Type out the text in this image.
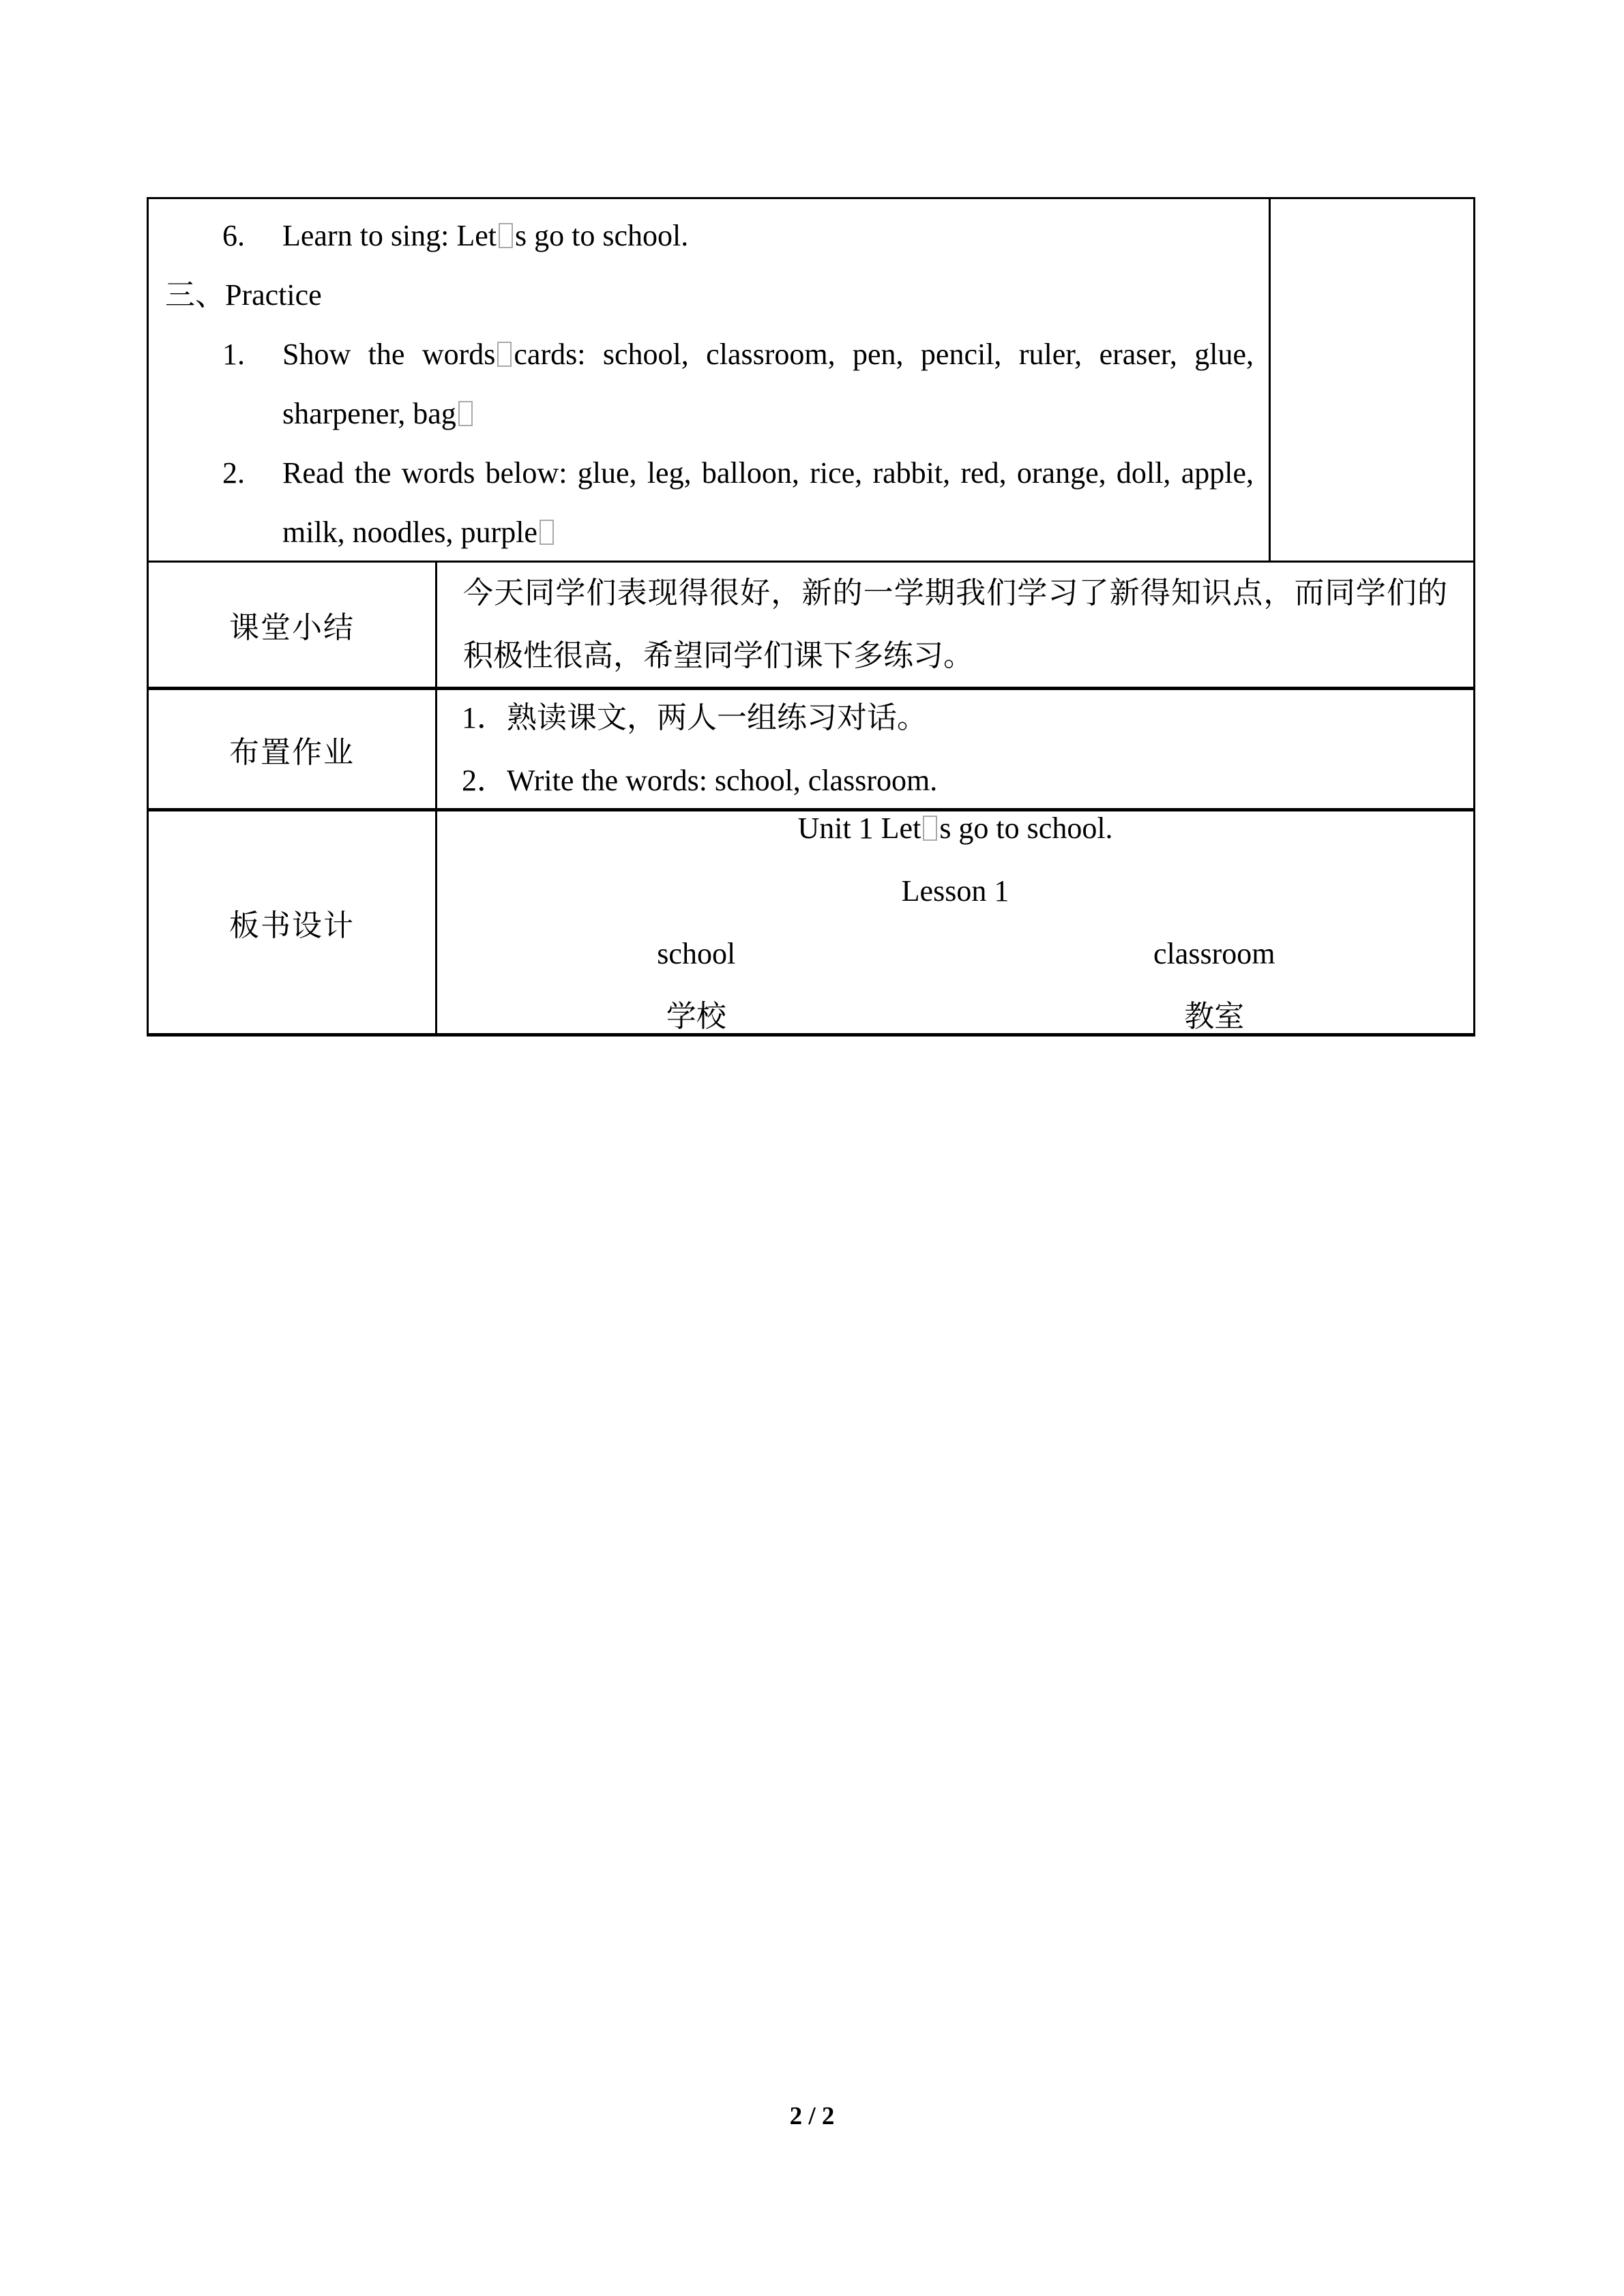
6. Learn to sing: Let s go to school.
三、Practice
1. Show the words cards: school, classroom, pen, pencil, ruler, eraser, glue, sharpener, bag
2. Read the words below: glue, leg, balloon, rice, rabbit, red, orange, doll, apple, milk, noodles, purple
课堂小结
今天同学们表现得很好，新的一学期我们学习了新得知识点，而同学们的积极性很高，希望同学们课下多练习。
布置作业
1．熟读课文，两人一组练习对话。
2．Write the words: school, classroom.
板书设计
Unit 1 Let s go to school.
Lesson 1
school	classroom
学校	教室
2 / 2
